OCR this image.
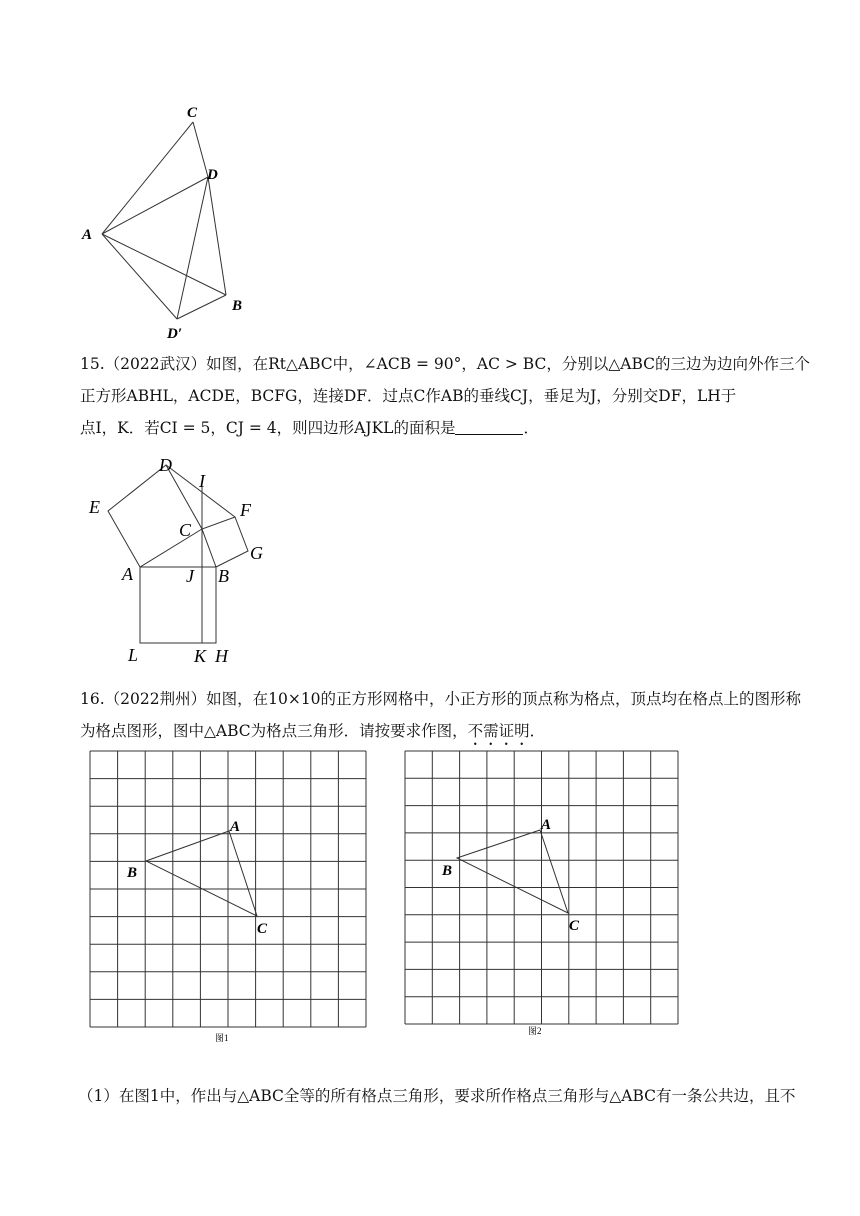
C
D
A
B
D′
15.（2022武汉）如图，在Rt△ABC中，∠ACB = 90°，AC > BC，分别以△ABC的三边为边向外作三个
正方形ABHL，ACDE，BCFG，连接DF．过点C作AB的垂线CJ，垂足为J，分别交DF，LH于
点I，K．若CI = 5，CJ = 4，则四边形AJKL的面积是	．
D
I
E	F
C
G
A	J B
L	K H
16.（2022荆州）如图，在10×10的正方形网格中，小正方形的顶点称为格点，顶点均在格点上的图形称
为格点图形，图中△ABC为格点三角形．请按要求作图，不需证明．
A
B
C
图1
A
B
C
图2
（1）在图1中，作出与△ABC全等的所有格点三角形，要求所作格点三角形与△ABC有一条公共边，且不
